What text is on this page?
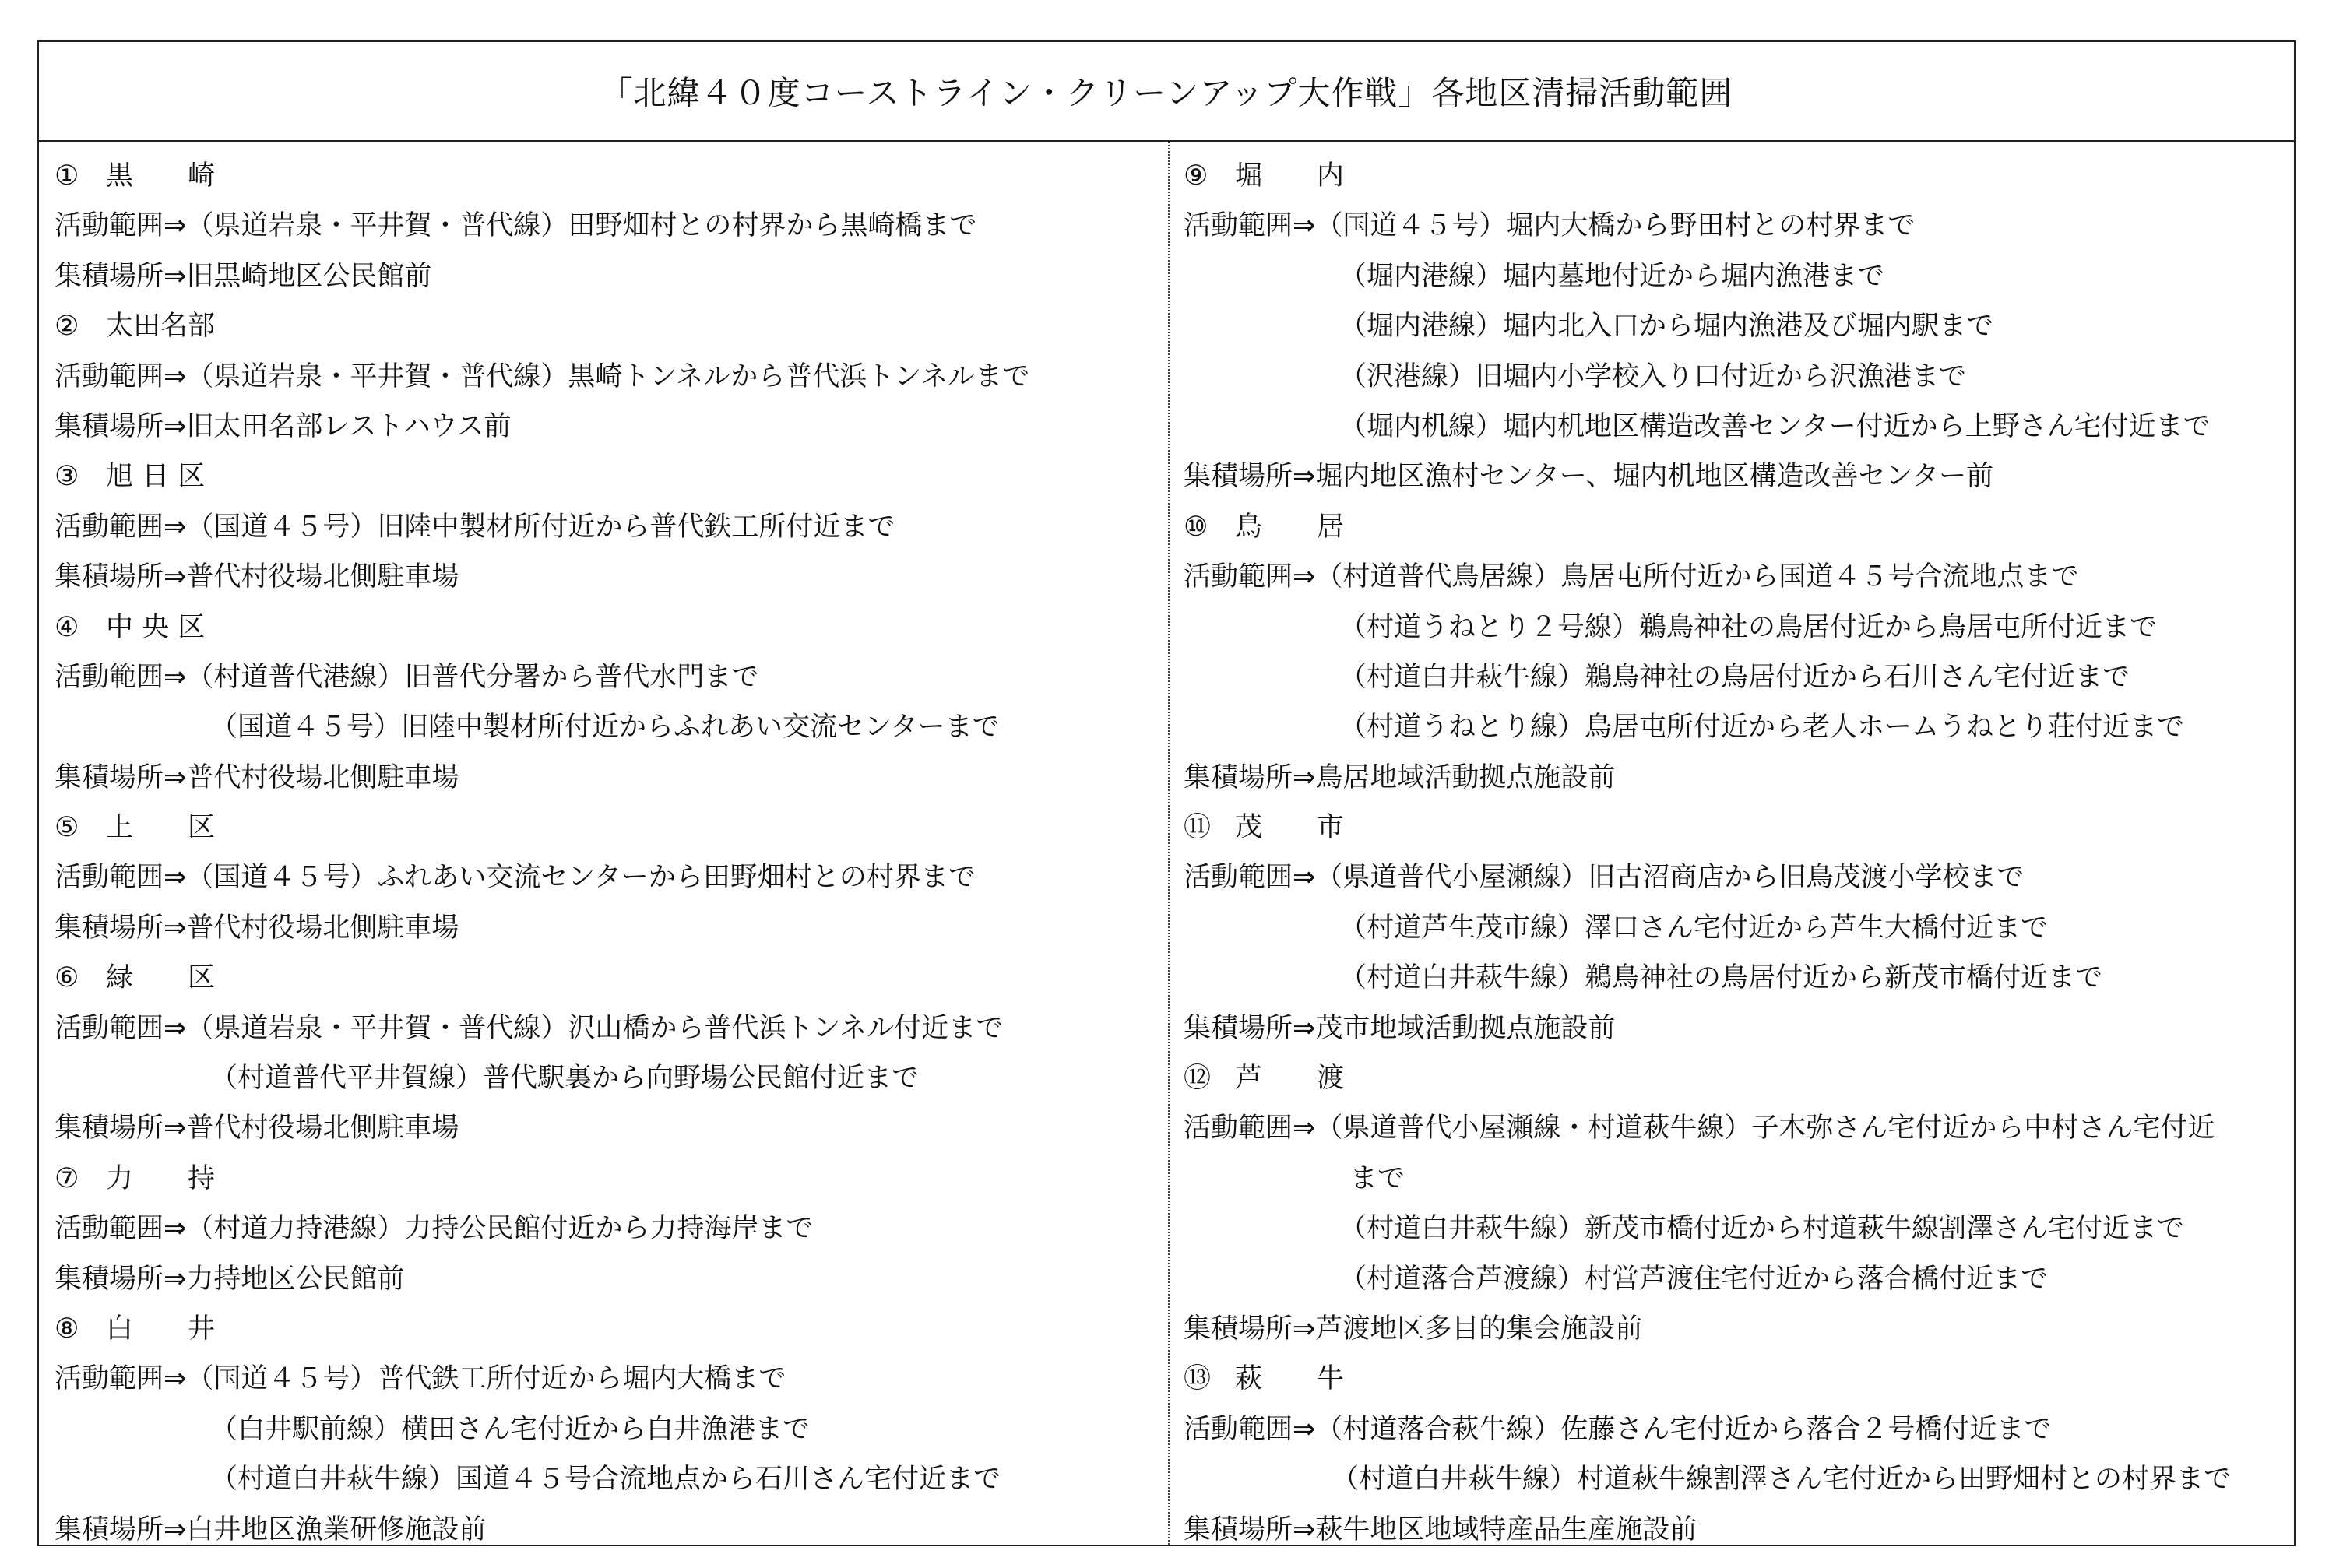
「北緯４０度コーストライン・クリーンアップ大作戦」各地区清掃活動範囲
① 黒　　崎
活動範囲⇒（県道岩泉・平井賀・普代線）田野畑村との村界から黒崎橋まで
集積場所⇒旧黒崎地区公民館前
② 太田名部
活動範囲⇒（県道岩泉・平井賀・普代線）黒崎トンネルから普代浜トンネルまで
集積場所⇒旧太田名部レストハウス前
③ 旭 日 区
活動範囲⇒（国道４５号）旧陸中製材所付近から普代鉄工所付近まで
集積場所⇒普代村役場北側駐車場
④ 中 央 区
活動範囲⇒（村道普代港線）旧普代分署から普代水門まで
（国道４５号）旧陸中製材所付近からふれあい交流センターまで
集積場所⇒普代村役場北側駐車場
⑤ 上　　区
活動範囲⇒（国道４５号）ふれあい交流センターから田野畑村との村界まで
集積場所⇒普代村役場北側駐車場
⑥ 緑　　区
活動範囲⇒（県道岩泉・平井賀・普代線）沢山橋から普代浜トンネル付近まで
（村道普代平井賀線）普代駅裏から向野場公民館付近まで
集積場所⇒普代村役場北側駐車場
⑦ 力　　持
活動範囲⇒（村道力持港線）力持公民館付近から力持海岸まで
集積場所⇒力持地区公民館前
⑧ 白　　井
活動範囲⇒（国道４５号）普代鉄工所付近から堀内大橋まで
（白井駅前線）横田さん宅付近から白井漁港まで
（村道白井萩牛線）国道４５号合流地点から石川さん宅付近まで
集積場所⇒白井地区漁業研修施設前
⑨ 堀　　内
活動範囲⇒（国道４５号）堀内大橋から野田村との村界まで
（堀内港線）堀内墓地付近から堀内漁港まで
（堀内港線）堀内北入口から堀内漁港及び堀内駅まで
（沢港線）旧堀内小学校入り口付近から沢漁港まで
（堀内机線）堀内机地区構造改善センター付近から上野さん宅付近まで
集積場所⇒堀内地区漁村センター、堀内机地区構造改善センター前
⑩ 鳥　　居
活動範囲⇒（村道普代鳥居線）鳥居屯所付近から国道４５号合流地点まで
（村道うねとり２号線）鵜鳥神社の鳥居付近から鳥居屯所付近まで
（村道白井萩牛線）鵜鳥神社の鳥居付近から石川さん宅付近まで
（村道うねとり線）鳥居屯所付近から老人ホームうねとり荘付近まで
集積場所⇒鳥居地域活動拠点施設前
⑪ 茂　　市
活動範囲⇒（県道普代小屋瀬線）旧古沼商店から旧鳥茂渡小学校まで
（村道芦生茂市線）澤口さん宅付近から芦生大橋付近まで
（村道白井萩牛線）鵜鳥神社の鳥居付近から新茂市橋付近まで
集積場所⇒茂市地域活動拠点施設前
⑫ 芦　　渡
活動範囲⇒（県道普代小屋瀬線・村道萩牛線）子木弥さん宅付近から中村さん宅付近
まで
（村道白井萩牛線）新茂市橋付近から村道萩牛線割澤さん宅付近まで
（村道落合芦渡線）村営芦渡住宅付近から落合橋付近まで
集積場所⇒芦渡地区多目的集会施設前
⑬ 萩　　牛
活動範囲⇒（村道落合萩牛線）佐藤さん宅付近から落合２号橋付近まで
（村道白井萩牛線）村道萩牛線割澤さん宅付近から田野畑村との村界まで
集積場所⇒萩牛地区地域特産品生産施設前
